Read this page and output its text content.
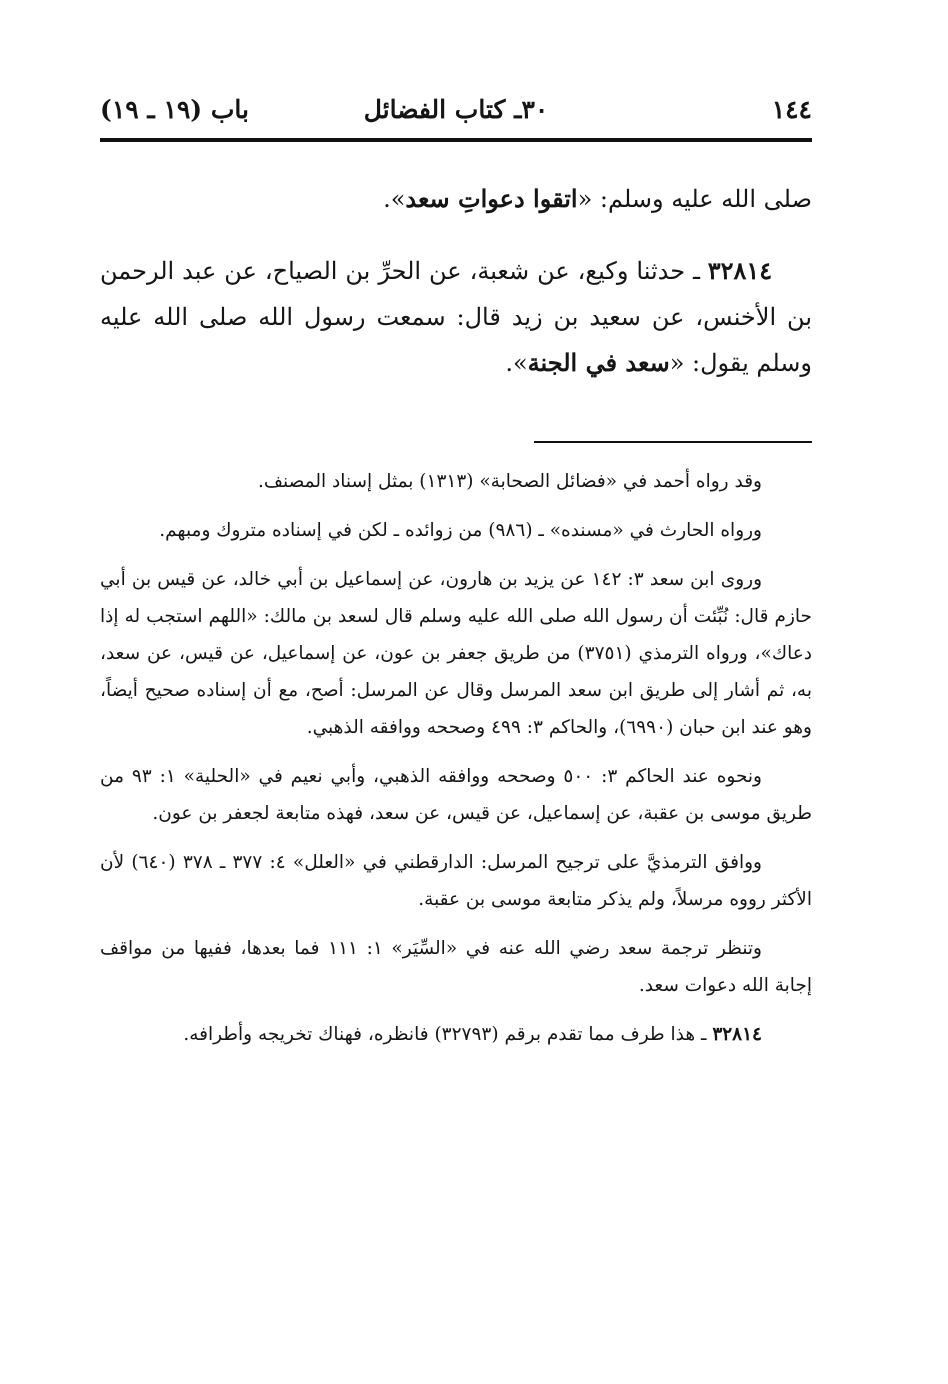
١٤٤
٣٠ـ كتاب الفضائل
باب (١٩ ـ ١٩)

صلى الله عليه وسلم: «اتقوا دعواتِ سعد».

٣٢٨١٤ ـ حدثنا وكيع، عن شعبة، عن الحرِّ بن الصياح، عن عبد الرحمن بن الأخنس، عن سعيد بن زيد قال: سمعت رسول الله صلى الله عليه وسلم يقول: «سعد في الجنة».

وقد رواه أحمد في «فضائل الصحابة» (١٣١٣) بمثل إسناد المصنف.

ورواه الحارث في «مسنده» ـ (٩٨٦) من زوائده ـ لكن في إسناده متروك ومبهم.

وروى ابن سعد ٣: ١٤٢ عن يزيد بن هارون، عن إسماعيل بن أبي خالد، عن قيس بن أبي حازم قال: نُبِّئت أن رسول الله صلى الله عليه وسلم قال لسعد بن مالك: «اللهم استجب له إذا دعاك»، ورواه الترمذي (٣٧٥١) من طريق جعفر بن عون، عن إسماعيل، عن قيس، عن سعد، به، ثم أشار إلى طريق ابن سعد المرسل وقال عن المرسل: أصح، مع أن إسناده صحيح أيضاً، وهو عند ابن حبان (٦٩٩٠)، والحاكم ٣: ٤٩٩ وصححه ووافقه الذهبي.

ونحوه عند الحاكم ٣: ٥٠٠ وصححه ووافقه الذهبي، وأبي نعيم في «الحلية» ١: ٩٣ من طريق موسى بن عقبة، عن إسماعيل، عن قيس، عن سعد، فهذه متابعة لجعفر بن عون.

ووافق الترمذيَّ على ترجيح المرسل: الدارقطني في «العلل» ٤: ٣٧٧ ـ ٣٧٨ (٦٤٠) لأن الأكثر رووه مرسلاً، ولم يذكر متابعة موسى بن عقبة.

وتنظر ترجمة سعد رضي الله عنه في «السِّيَر» ١: ١١١ فما بعدها، ففيها من مواقف إجابة الله دعوات سعد.

٣٢٨١٤ ـ هذا طرف مما تقدم برقم (٣٢٧٩٣) فانظره، فهناك تخريجه وأطرافه.
